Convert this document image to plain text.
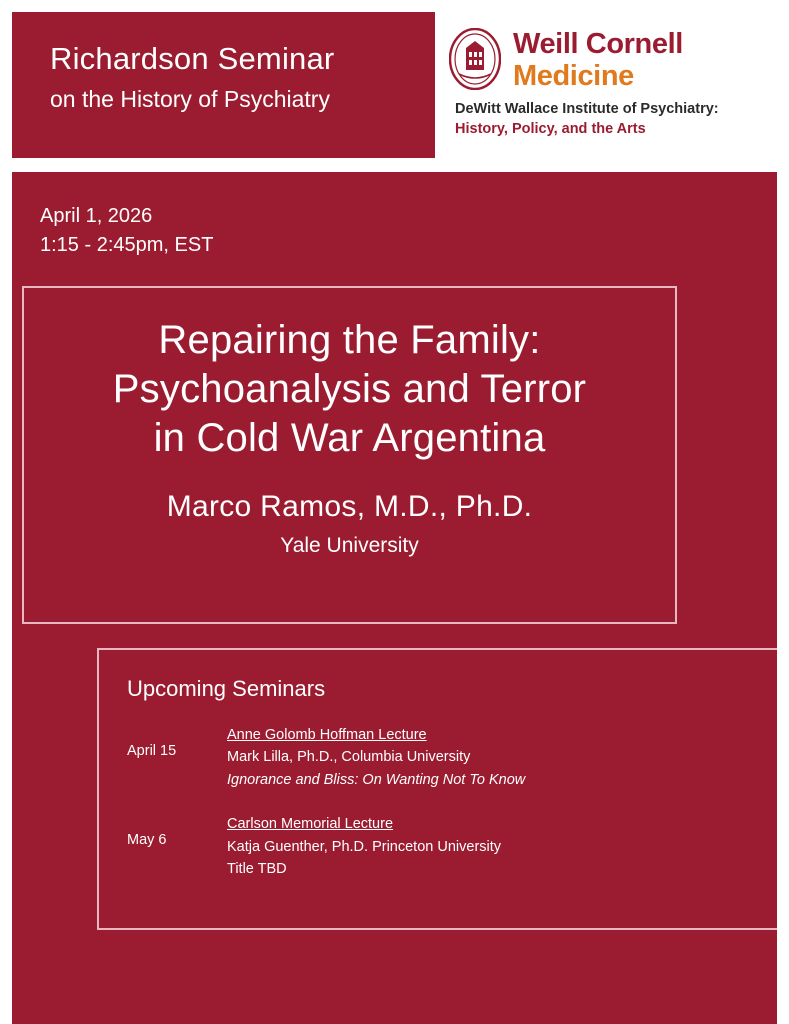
Richardson Seminar
on the History of Psychiatry
Weill Cornell
Medicine
DeWitt Wallace Institute of Psychiatry:
History, Policy, and the Arts
April 1, 2026
1:15 - 2:45pm, EST
Repairing the Family:
Psychoanalysis and Terror
in Cold War Argentina
Marco Ramos, M.D., Ph.D.
Yale University
Upcoming Seminars
April 15
Anne Golomb Hoffman Lecture
Mark Lilla, Ph.D., Columbia University
Ignorance and Bliss: On Wanting Not To Know
May 6
Carlson Memorial Lecture
Katja Guenther, Ph.D. Princeton University
Title TBD
